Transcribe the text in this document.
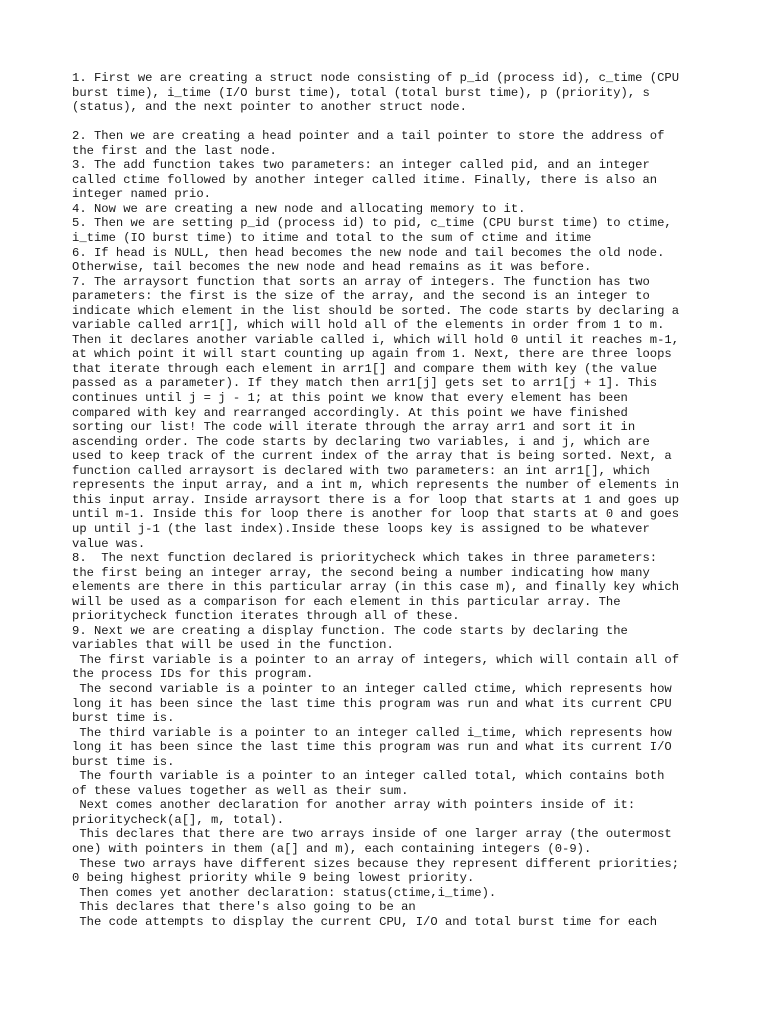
1. First we are creating a struct node consisting of p_id (process id), c_time (CPU
burst time), i_time (I/O burst time), total (total burst time), p (priority), s
(status), and the next pointer to another struct node.
2. Then we are creating a head pointer and a tail pointer to store the address of
the first and the last node.
3. The add function takes two parameters: an integer called pid, and an integer
called ctime followed by another integer called itime. Finally, there is also an
integer named prio.
4. Now we are creating a new node and allocating memory to it.
5. Then we are setting p_id (process id) to pid, c_time (CPU burst time) to ctime,
i_time (IO burst time) to itime and total to the sum of ctime and itime
6. If head is NULL, then head becomes the new node and tail becomes the old node.
Otherwise, tail becomes the new node and head remains as it was before.
7. The arraysort function that sorts an array of integers. The function has two
parameters: the first is the size of the array, and the second is an integer to
indicate which element in the list should be sorted. The code starts by declaring a
variable called arr1[], which will hold all of the elements in order from 1 to m.
Then it declares another variable called i, which will hold 0 until it reaches m-1,
at which point it will start counting up again from 1. Next, there are three loops
that iterate through each element in arr1[] and compare them with key (the value
passed as a parameter). If they match then arr1[j] gets set to arr1[j + 1]. This
continues until j = j - 1; at this point we know that every element has been
compared with key and rearranged accordingly. At this point we have finished
sorting our list! The code will iterate through the array arr1 and sort it in
ascending order. The code starts by declaring two variables, i and j, which are
used to keep track of the current index of the array that is being sorted. Next, a
function called arraysort is declared with two parameters: an int arr1[], which
represents the input array, and a int m, which represents the number of elements in
this input array. Inside arraysort there is a for loop that starts at 1 and goes up
until m-1. Inside this for loop there is another for loop that starts at 0 and goes
up until j-1 (the last index).Inside these loops key is assigned to be whatever
value was.
8.  The next function declared is prioritycheck which takes in three parameters:
the first being an integer array, the second being a number indicating how many
elements are there in this particular array (in this case m), and finally key which
will be used as a comparison for each element in this particular array. The
prioritycheck function iterates through all of these.
9. Next we are creating a display function. The code starts by declaring the
variables that will be used in the function.
The first variable is a pointer to an array of integers, which will contain all of
the process IDs for this program.
The second variable is a pointer to an integer called ctime, which represents how
long it has been since the last time this program was run and what its current CPU
burst time is.
The third variable is a pointer to an integer called i_time, which represents how
long it has been since the last time this program was run and what its current I/O
burst time is.
The fourth variable is a pointer to an integer called total, which contains both
of these values together as well as their sum.
Next comes another declaration for another array with pointers inside of it:
prioritycheck(a[], m, total).
This declares that there are two arrays inside of one larger array (the outermost
one) with pointers in them (a[] and m), each containing integers (0-9).
These two arrays have different sizes because they represent different priorities;
0 being highest priority while 9 being lowest priority.
Then comes yet another declaration: status(ctime,i_time).
This declares that there's also going to be an
The code attempts to display the current CPU, I/O and total burst time for each
